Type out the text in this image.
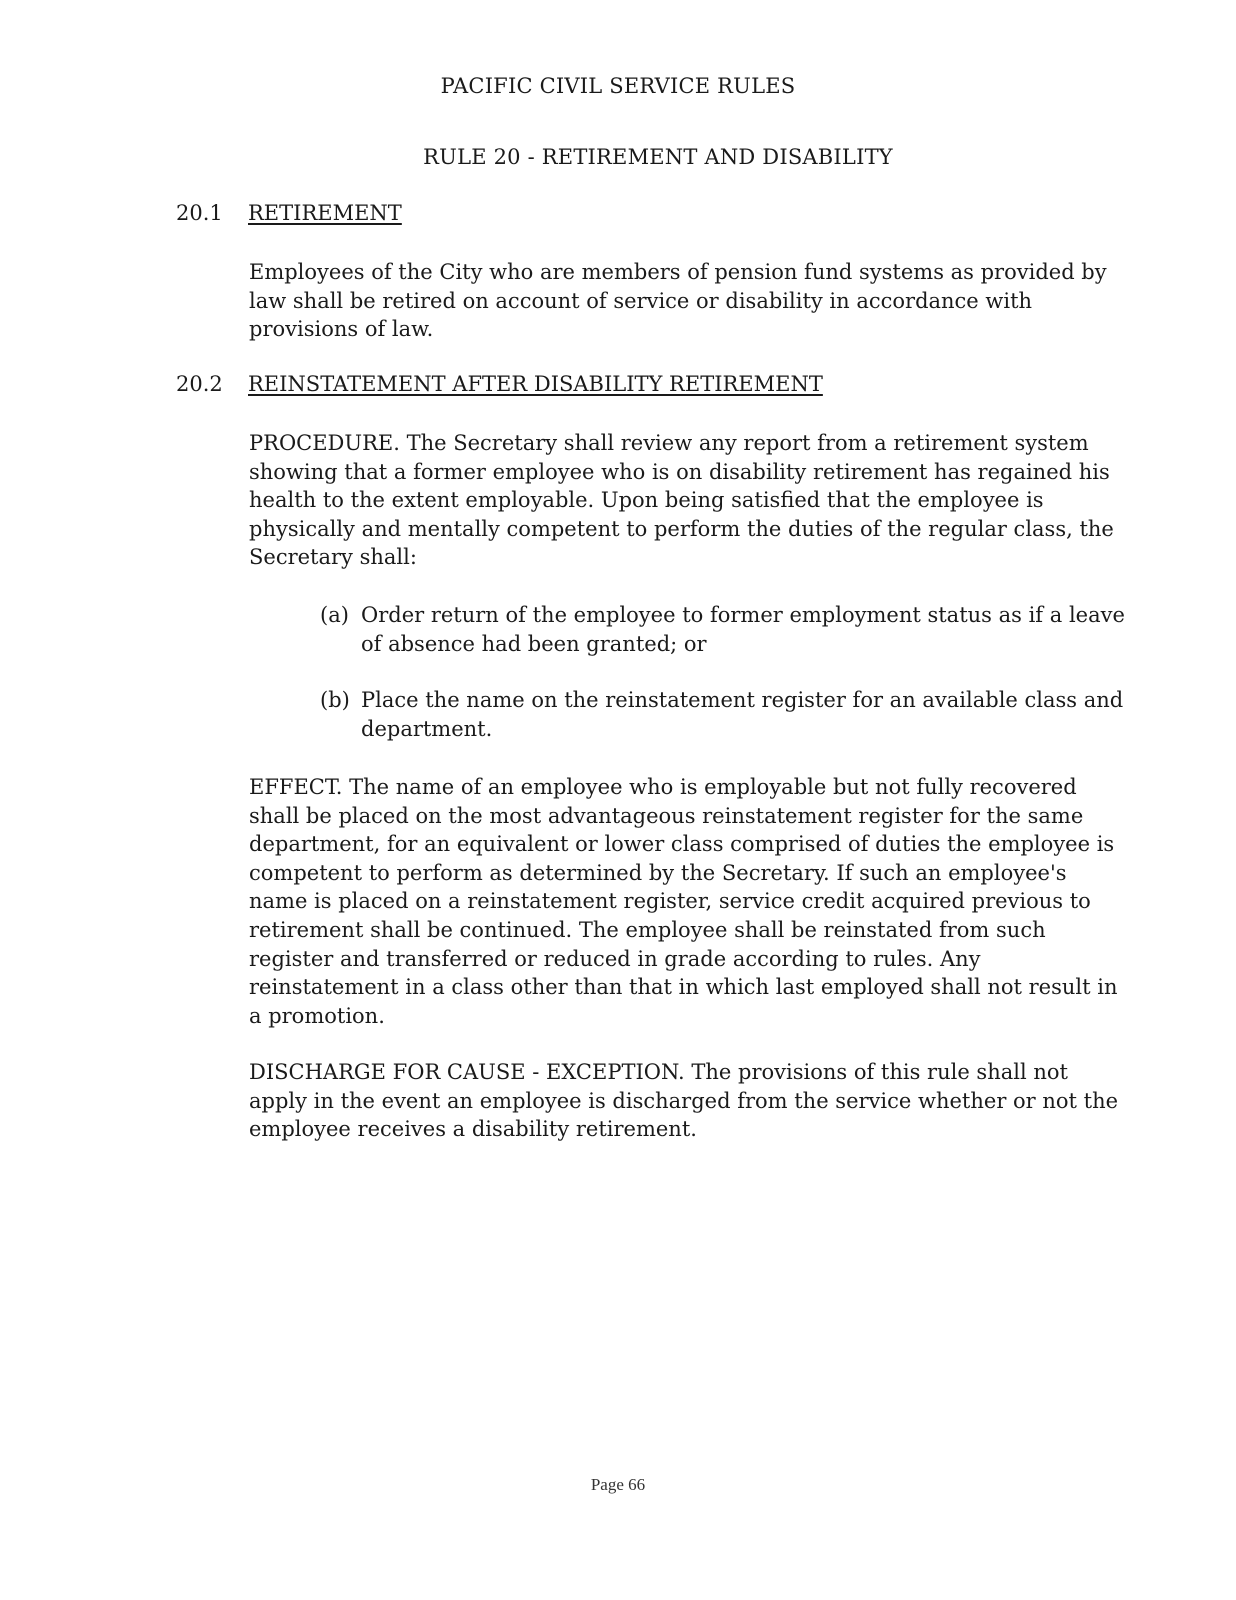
PACIFIC CIVIL SERVICE RULES
RULE 20 - RETIREMENT AND DISABILITY
20.1 RETIREMENT

Employees of the City who are members of pension fund systems as provided by law shall be retired on account of service or disability in accordance with provisions of law.

20.2 REINSTATEMENT AFTER DISABILITY RETIREMENT

PROCEDURE. The Secretary shall review any report from a retirement system showing that a former employee who is on disability retirement has regained his health to the extent employable. Upon being satisfied that the employee is physically and mentally competent to perform the duties of the regular class, the Secretary shall:

(a) Order return of the employee to former employment status as if a leave of absence had been granted; or

(b) Place the name on the reinstatement register for an available class and department.

EFFECT. The name of an employee who is employable but not fully recovered shall be placed on the most advantageous reinstatement register for the same department, for an equivalent or lower class comprised of duties the employee is competent to perform as determined by the Secretary. If such an employee's name is placed on a reinstatement register, service credit acquired previous to retirement shall be continued. The employee shall be reinstated from such register and transferred or reduced in grade according to rules. Any reinstatement in a class other than that in which last employed shall not result in a promotion.

DISCHARGE FOR CAUSE - EXCEPTION. The provisions of this rule shall not apply in the event an employee is discharged from the service whether or not the employee receives a disability retirement.

Page 66
